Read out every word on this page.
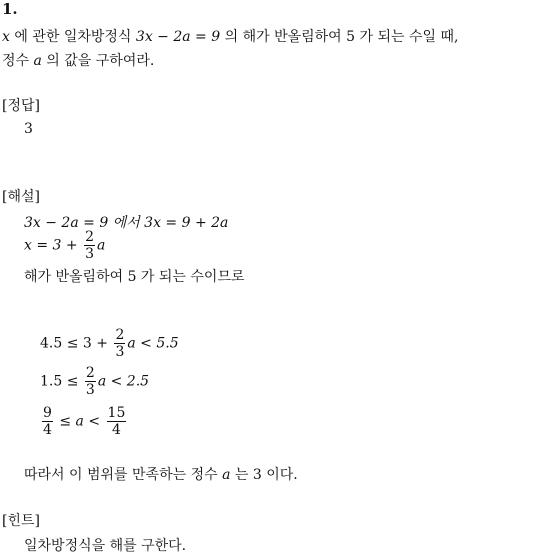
1.
x 에 관한 일차방정식 3x − 2a = 9 의 해가 반올림하여 5 가 되는 수일 때,
정수 a 의 값을 구하여라.
[정답]
3
[해설]
3x − 2a = 9 에서 3x = 9 + 2a
$x = 3 + \frac{2}{3}$ a
해가 반올림하여 5 가 되는 수이므로
$4.5 \le 3 + \frac{2}{3}$ a < 5.5
$1.5 \le \frac{2}{3}$ a < 2.5
$\frac{9}{4} \le a < \frac{15}{4}$
따라서 이 범위를 만족하는 정수 a 는 3 이다.
[힌트]
일차방정식을 해를 구한다.
